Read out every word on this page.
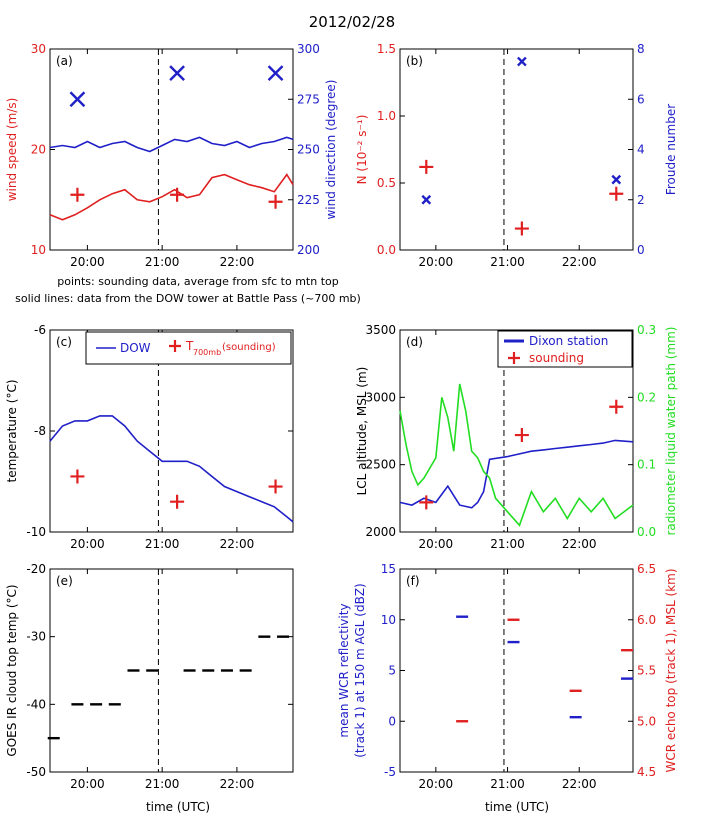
2012/02/28
points: sounding data, average from sfc to mtn top
solid lines: data from the DOW tower at Battle Pass (~700 mb)
time (UTC)	time (UTC)
20:00	21:00	22:00
10
20
30
200
225
250
275
300
wind direction (degree)
wind speed (m/s)
(a)
20:00	21:00	22:00
0.0
0.5
1.0
1.5
0
2
4
6
8
Froude number
N (10⁻² s⁻¹)
(b)
20:00	21:00	22:00
-10
-8
-6
temperature (°C)
(c)	DOW	T 700mb (sounding)
20:00	21:00	22:00
2000
2500
3000
3500
0.0
0.1
0.2
0.3 radiometer liquid water path (mm)
LCL altitude, MSL (m)
(d)	Dixon station
sounding
20:00	21:00	22:00
-50
-40
-30
-20
GOES IR cloud top temp (°C)
(e)
20:00	21:00	22:00
-5
0
5
10
15
4.5
5.0
5.5
6.0
6.5 WCR echo top (track 1), MSL (km)
mean WCR reflectivity (track 1) at 150 m AGL (dBZ)
(f)
